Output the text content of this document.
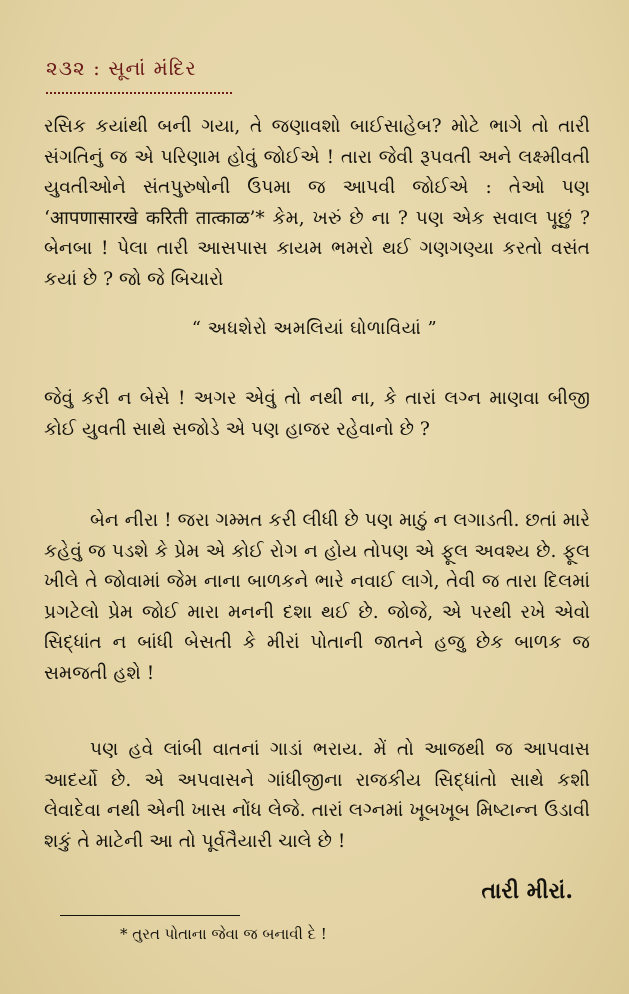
૨૩૨ : સૂનાં મંદિર

રસિક કયાંથી બની ગયા, તે જણાવશો બાઈસાહેબ? મોટે ભાગે તો તારી સંગતિનું જ એ પરિણામ હોવું જોઈએ ! તારા જેવી રૂપવતી અને લક્ષ્મીવતી યુવતીઓને સંતપુરુષોની ઉપમા જ આપવી જોઈએ : તેઓ પણ ‘आपणासारखे करिती तात्काळ’* કેમ, ખરું છે ના ? પણ એક સવાલ પૂછું ? બેનબા ! પેલા તારી આસપાસ કાયમ ભમરો થઈ ગણગણ્યા કરતો વસંત કયાં છે ? જો જે બિચારો

“ અધશેરો અમલિયાં ઘોળાવિયાં ”

જેવું કરી ન બેસે ! અગર એવું તો નથી ના, કે તારાં લગ્ન માણવા બીજી કોઈ યુવતી સાથે સજોડે એ પણ હાજર રહેવાનો છે ?

બેન નીરા ! જરા ગમ્મત કરી લીધી છે પણ માઠું ન લગાડતી. છતાં મારે કહેવું જ પડશે કે પ્રેમ એ કોઈ રોગ ન હોય તોપણ એ ફૂલ અવશ્ય છે. ફૂલ ખીલે તે જોવામાં જેમ નાના બાળકને ભારે નવાઈ લાગે, તેવી જ તારા દિલમાં પ્રગટેલો પ્રેમ જોઈ મારા મનની દશા થઈ છે. જોજે, એ પરથી રખે એવો સિદ્ધાંત ન બાંધી બેસતી કે મીરાં પોતાની જાતને હજુ છેક બાળક જ સમજતી હશે !

પણ હવે લાંબી વાતનાં ગાડાં ભરાય. મેં તો આજથી જ આપવાસ આદર્યો છે. એ અપવાસને ગાંધીજીના રાજકીય સિદ્ધાંતો સાથે કશી લેવાદેવા નથી એની ખાસ નોંધ લેજે. તારાં લગ્નમાં ખૂબખૂબ મિષ્ટાન્ન ઉડાવી શકું તે માટેની આ તો પૂર્વતૈયારી ચાલે છે !

તારી મીરાં.
* તુરત પોતાના જેવા જ બનાવી દે !
